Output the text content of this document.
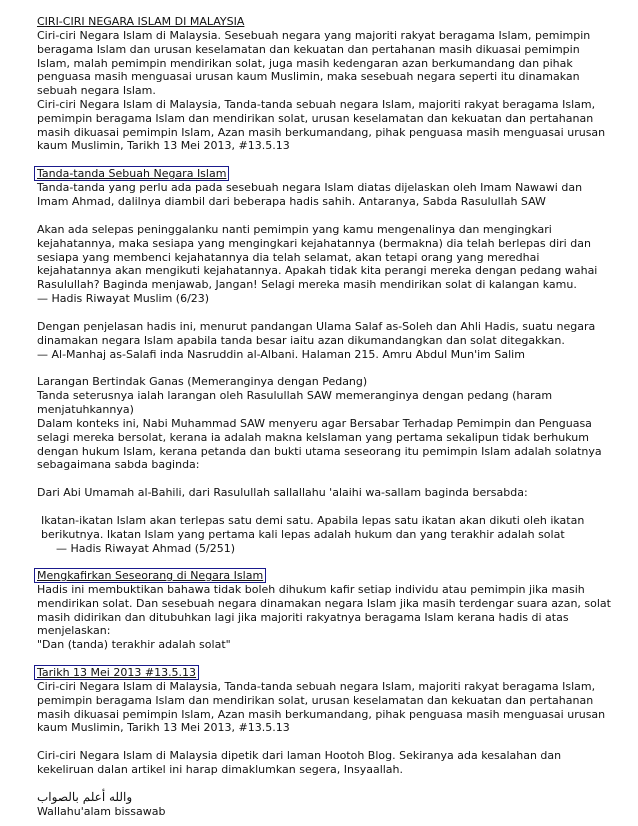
CIRI-CIRI NEGARA ISLAM DI MALAYSIA

Ciri-ciri Negara Islam di Malaysia. Sesebuah negara yang majoriti rakyat beragama Islam, pemimpin beragama Islam dan urusan keselamatan dan kekuatan dan pertahanan masih dikuasai pemimpin Islam, malah pemimpin mendirikan solat, juga masih kedengaran azan berkumandang dan pihak penguasa masih menguasai urusan kaum Muslimin, maka sesebuah negara seperti itu dinamakan sebuah negara Islam.

Ciri-ciri Negara Islam di Malaysia, Tanda-tanda sebuah negara Islam, majoriti rakyat beragama Islam, pemimpin beragama Islam dan mendirikan solat, urusan keselamatan dan kekuatan dan pertahanan masih dikuasai pemimpin Islam, Azan masih berkumandang, pihak penguasa masih menguasai urusan kaum Muslimin, Tarikh 13 Mei 2013, #13.5.13

Tanda-tanda Sebuah Negara Islam

Tanda-tanda yang perlu ada pada sesebuah negara Islam diatas dijelaskan oleh Imam Nawawi dan Imam Ahmad, dalilnya diambil dari beberapa hadis sahih. Antaranya, Sabda Rasulullah SAW

Akan ada selepas peninggalanku nanti pemimpin yang kamu mengenalinya dan mengingkari kejahatannya, maka sesiapa yang mengingkari kejahatannya (bermakna) dia telah berlepas diri dan sesiapa yang membenci kejahatannya dia telah selamat, akan tetapi orang yang meredhai kejahatannya akan mengikuti kejahatannya. Apakah tidak kita perangi mereka dengan pedang wahai Rasulullah? Baginda menjawab, Jangan! Selagi mereka masih mendirikan solat di kalangan kamu.
— Hadis Riwayat Muslim (6/23)
Dengan penjelasan hadis ini, menurut pandangan Ulama Salaf as-Soleh dan Ahli Hadis, suatu negara dinamakan negara Islam apabila tanda besar iaitu azan dikumandangkan dan solat ditegakkan.
— Al-Manhaj as-Salafi inda Nasruddin al-Albani. Halaman 215. Amru Abdul Mun'im Salim
Larangan Bertindak Ganas (Memeranginya dengan Pedang)
Tanda seterusnya ialah larangan oleh Rasulullah SAW memeranginya dengan pedang (haram menjatuhkannya)

Dalam konteks ini, Nabi Muhammad SAW menyeru agar Bersabar Terhadap Pemimpin dan Penguasa selagi mereka bersolat, kerana ia adalah makna keIslaman yang pertama sekalipun tidak berhukum dengan hukum Islam, kerana petanda dan bukti utama seseorang itu pemimpin Islam adalah solatnya sebagaimana sabda baginda:

Dari Abi Umamah al-Bahili, dari Rasulullah sallallahu 'alaihi wa-sallam baginda bersabda:

Ikatan-ikatan Islam akan terlepas satu demi satu. Apabila lepas satu ikatan akan dikuti oleh ikatan berikutnya. Ikatan Islam yang pertama kali lepas adalah hukum dan yang terakhir adalah solat
— Hadis Riwayat Ahmad (5/251)
Mengkafirkan Seseorang di Negara Islam

Hadis ini membuktikan bahawa tidak boleh dihukum kafir setiap individu atau pemimpin jika masih mendirikan solat. Dan sesebuah negara dinamakan negara Islam jika masih terdengar suara azan, solat masih didirikan dan ditubuhkan lagi jika majoriti rakyatnya beragama Islam kerana hadis di atas menjelaskan:

"Dan (tanda) terakhir adalah solat"

Tarikh 13 Mei 2013 #13.5.13

Ciri-ciri Negara Islam di Malaysia, Tanda-tanda sebuah negara Islam, majoriti rakyat beragama Islam, pemimpin beragama Islam dan mendirikan solat, urusan keselamatan dan kekuatan dan pertahanan masih dikuasai pemimpin Islam, Azan masih berkumandang, pihak penguasa masih menguasai urusan kaum Muslimin, Tarikh 13 Mei 2013, #13.5.13

Ciri-ciri Negara Islam di Malaysia dipetik dari laman Hootoh Blog. Sekiranya ada kesalahan dan kekeliruan dalan artikel ini harap dimaklumkan segera, Insyaallah.

والله أعلم بالصواب
Wallahu'alam bissawab
